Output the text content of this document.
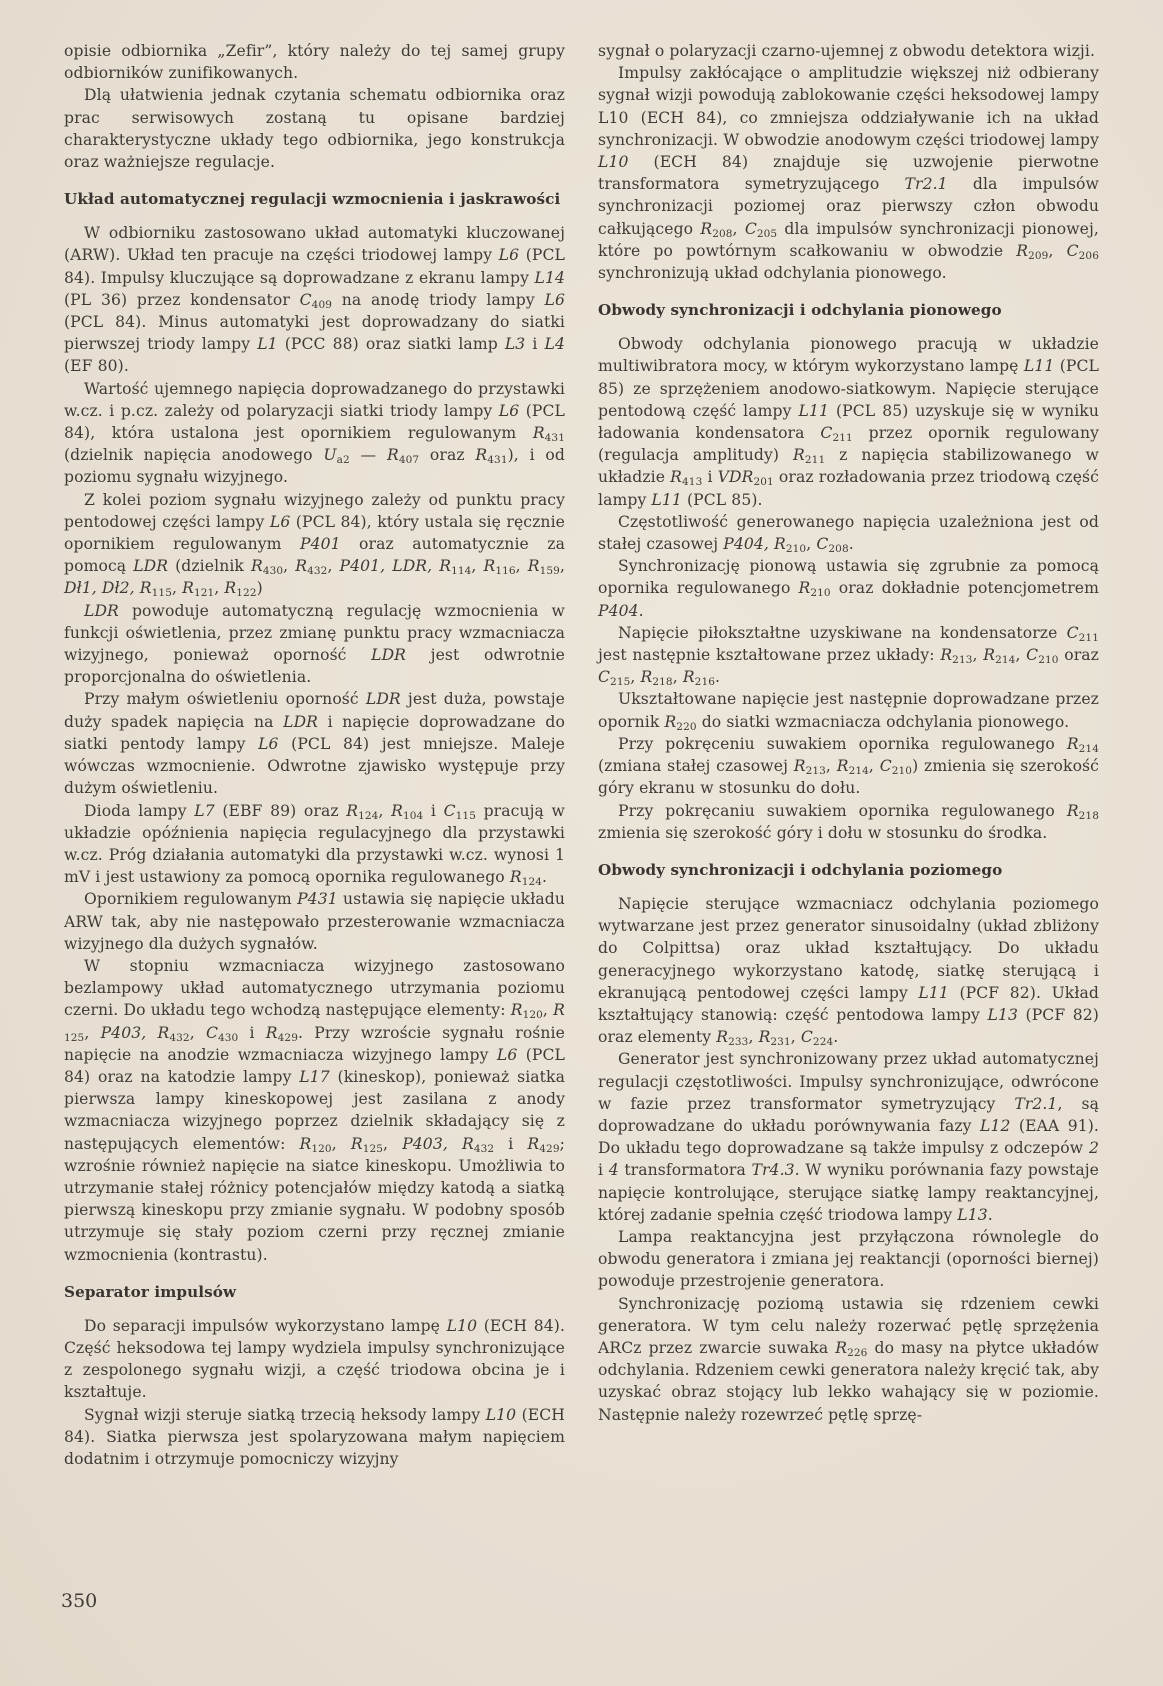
opisie odbiornika „Zefir”, który należy do tej samej grupy odbiorników zunifikowanych.

Dlą ułatwienia jednak czytania schematu odbiornika oraz prac serwisowych zostaną tu opisane bardziej charakterystyczne układy tego odbiornika, jego konstrukcja oraz ważniejsze regulacje.

Układ automatycznej regulacji wzmocnienia i jaskrawości

W odbiorniku zastosowano układ automatyki kluczowanej (ARW). Układ ten pracuje na części triodowej lampy L6 (PCL 84). Impulsy kluczujące są doprowadzane z ekranu lampy L14 (PL 36) przez kondensator $C_{409}$ na anodę triody lampy L6 (PCL 84). Minus automatyki jest doprowadzany do siatki pierwszej triody lampy L1 (PCC 88) oraz siatki lamp L3 i L4 (EF 80).

Wartość ujemnego napięcia doprowadzanego do przystawki w.cz. i p.cz. zależy od polaryzacji siatki triody lampy L6 (PCL 84), która ustalona jest opornikiem regulowanym $R_{431}$ (dzielnik napięcia anodowego $U_{a2}$ — $R_{407}$ oraz $R_{431}$), i od poziomu sygnału wizyjnego.

Z kolei poziom sygnału wizyjnego zależy od punktu pracy pentodowej części lampy L6 (PCL 84), który ustala się ręcznie opornikiem regulowanym P401 oraz automatycznie za pomocą LDR (dzielnik $R_{430}$, $R_{432}$, P401, LDR, $R_{114}$, $R_{116}$, $R_{159}$, Dł1, Dł2, $R_{115}$, $R_{121}$, $R_{122}$)

LDR powoduje automatyczną regulację wzmocnienia w funkcji oświetlenia, przez zmianę punktu pracy wzmacniacza wizyjnego, ponieważ oporność LDR jest odwrotnie proporcjonalna do oświetlenia.

Przy małym oświetleniu oporność LDR jest duża, powstaje duży spadek napięcia na LDR i napięcie doprowadzane do siatki pentody lampy L6 (PCL 84) jest mniejsze. Maleje wówczas wzmocnienie. Odwrotne zjawisko występuje przy dużym oświetleniu.

Dioda lampy L7 (EBF 89) oraz $R_{124}$, $R_{104}$ i $C_{115}$ pracują w układzie opóźnienia napięcia regulacyjnego dla przystawki w.cz. Próg działania automatyki dla przystawki w.cz. wynosi 1 mV i jest ustawiony za pomocą opornika regulowanego $R_{124}$.

Opornikiem regulowanym P431 ustawia się napięcie układu ARW tak, aby nie następowało przesterowanie wzmacniacza wizyjnego dla dużych sygnałów.

W stopniu wzmacniacza wizyjnego zastosowano bezlampowy układ automatycznego utrzymania poziomu czerni. Do układu tego wchodzą następujące elementy: $R_{120}$, R $_{125}$, P403, $R_{432}$, $C_{430}$ i $R_{429}$. Przy wzroście sygnału rośnie napięcie na anodzie wzmacniacza wizyjnego lampy L6 (PCL 84) oraz na katodzie lampy L17 (kineskop), ponieważ siatka pierwsza lampy kineskopowej jest zasilana z anody wzmacniacza wizyjnego poprzez dzielnik składający się z następujących elementów: $R_{120}$, $R_{125}$, P403, $R_{432}$ i $R_{429}$; wzrośnie również napięcie na siatce kineskopu. Umożliwia to utrzymanie stałej różnicy potencjałów między katodą a siatką pierwszą kineskopu przy zmianie sygnału. W podobny sposób utrzymuje się stały poziom czerni przy ręcznej zmianie wzmocnienia (kontrastu).

Separator impulsów

Do separacji impulsów wykorzystano lampę L10 (ECH 84). Część heksodowa tej lampy wydziela impulsy synchronizujące z zespolonego sygnału wizji, a część triodowa obcina je i kształtuje.

Sygnał wizji steruje siatką trzecią heksody lampy L10 (ECH 84). Siatka pierwsza jest spolaryzowana małym napięciem dodatnim i otrzymuje pomocniczy wizyjny

sygnał o polaryzacji czarno-ujemnej z obwodu detektora wizji.

Impulsy zakłócające o amplitudzie większej niż odbierany sygnał wizji powodują zablokowanie części heksodowej lampy L10 (ECH 84), co zmniejsza oddziaływanie ich na układ synchronizacji. W obwodzie anodowym części triodowej lampy L10 (ECH 84) znajduje się uzwojenie pierwotne transformatora symetryzującego Tr2.1 dla impulsów synchronizacji poziomej oraz pierwszy człon obwodu całkującego $R_{208}$, $C_{205}$ dla impulsów synchronizacji pionowej, które po powtórnym scałkowaniu w obwodzie $R_{209}$, $C_{206}$ synchronizują układ odchylania pionowego.

Obwody synchronizacji i odchylania pionowego

Obwody odchylania pionowego pracują w układzie multiwibratora mocy, w którym wykorzystano lampę L11 (PCL 85) ze sprzężeniem anodowo-siatkowym. Napięcie sterujące pentodową część lampy L11 (PCL 85) uzyskuje się w wyniku ładowania kondensatora $C_{211}$ przez opornik regulowany (regulacja amplitudy) $R_{211}$ z napięcia stabilizowanego w układzie $R_{413}$ i $VDR_{201}$ oraz rozładowania przez triodową część lampy L11 (PCL 85).

Częstotliwość generowanego napięcia uzależniona jest od stałej czasowej P404, $R_{210}$, $C_{208}$.

Synchronizację pionową ustawia się zgrubnie za pomocą opornika regulowanego $R_{210}$ oraz dokładnie potencjometrem P404.

Napięcie piłokształtne uzyskiwane na kondensatorze $C_{211}$ jest następnie kształtowane przez układy: $R_{213}$, $R_{214}$, $C_{210}$ oraz $C_{215}$, $R_{218}$, $R_{216}$.

Ukształtowane napięcie jest następnie doprowadzane przez opornik $R_{220}$ do siatki wzmacniacza odchylania pionowego.

Przy pokręceniu suwakiem opornika regulowanego $R_{214}$ (zmiana stałej czasowej $R_{213}$, $R_{214}$, $C_{210}$) zmienia się szerokość góry ekranu w stosunku do dołu.

Przy pokręcaniu suwakiem opornika regulowanego $R_{218}$ zmienia się szerokość góry i dołu w stosunku do środka.

Obwody synchronizacji i odchylania poziomego

Napięcie sterujące wzmacniacz odchylania poziomego wytwarzane jest przez generator sinusoidalny (układ zbliżony do Colpittsa) oraz układ kształtujący. Do układu generacyjnego wykorzystano katodę, siatkę sterującą i ekranującą pentodowej części lampy L11 (PCF 82). Układ kształtujący stanowią: część pentodowa lampy L13 (PCF 82) oraz elementy $R_{233}$, $R_{231}$, $C_{224}$.

Generator jest synchronizowany przez układ automatycznej regulacji częstotliwości. Impulsy synchronizujące, odwrócone w fazie przez transformator symetryzujący Tr2.1, są doprowadzane do układu porównywania fazy L12 (EAA 91). Do układu tego doprowadzane są także impulsy z odczepów 2 i 4 transformatora Tr4.3. W wyniku porównania fazy powstaje napięcie kontrolujące, sterujące siatkę lampy reaktancyjnej, której zadanie spełnia część triodowa lampy L13.

Lampa reaktancyjna jest przyłączona równolegle do obwodu generatora i zmiana jej reaktancji (oporności biernej) powoduje przestrojenie generatora.

Synchronizację poziomą ustawia się rdzeniem cewki generatora. W tym celu należy rozerwać pętlę sprzężenia ARCz przez zwarcie suwaka $R_{226}$ do masy na płytce układów odchylania. Rdzeniem cewki generatora należy kręcić tak, aby uzyskać obraz stojący lub lekko wahający się w poziomie. Następnie należy rozewrzeć pętlę sprzę-

350
